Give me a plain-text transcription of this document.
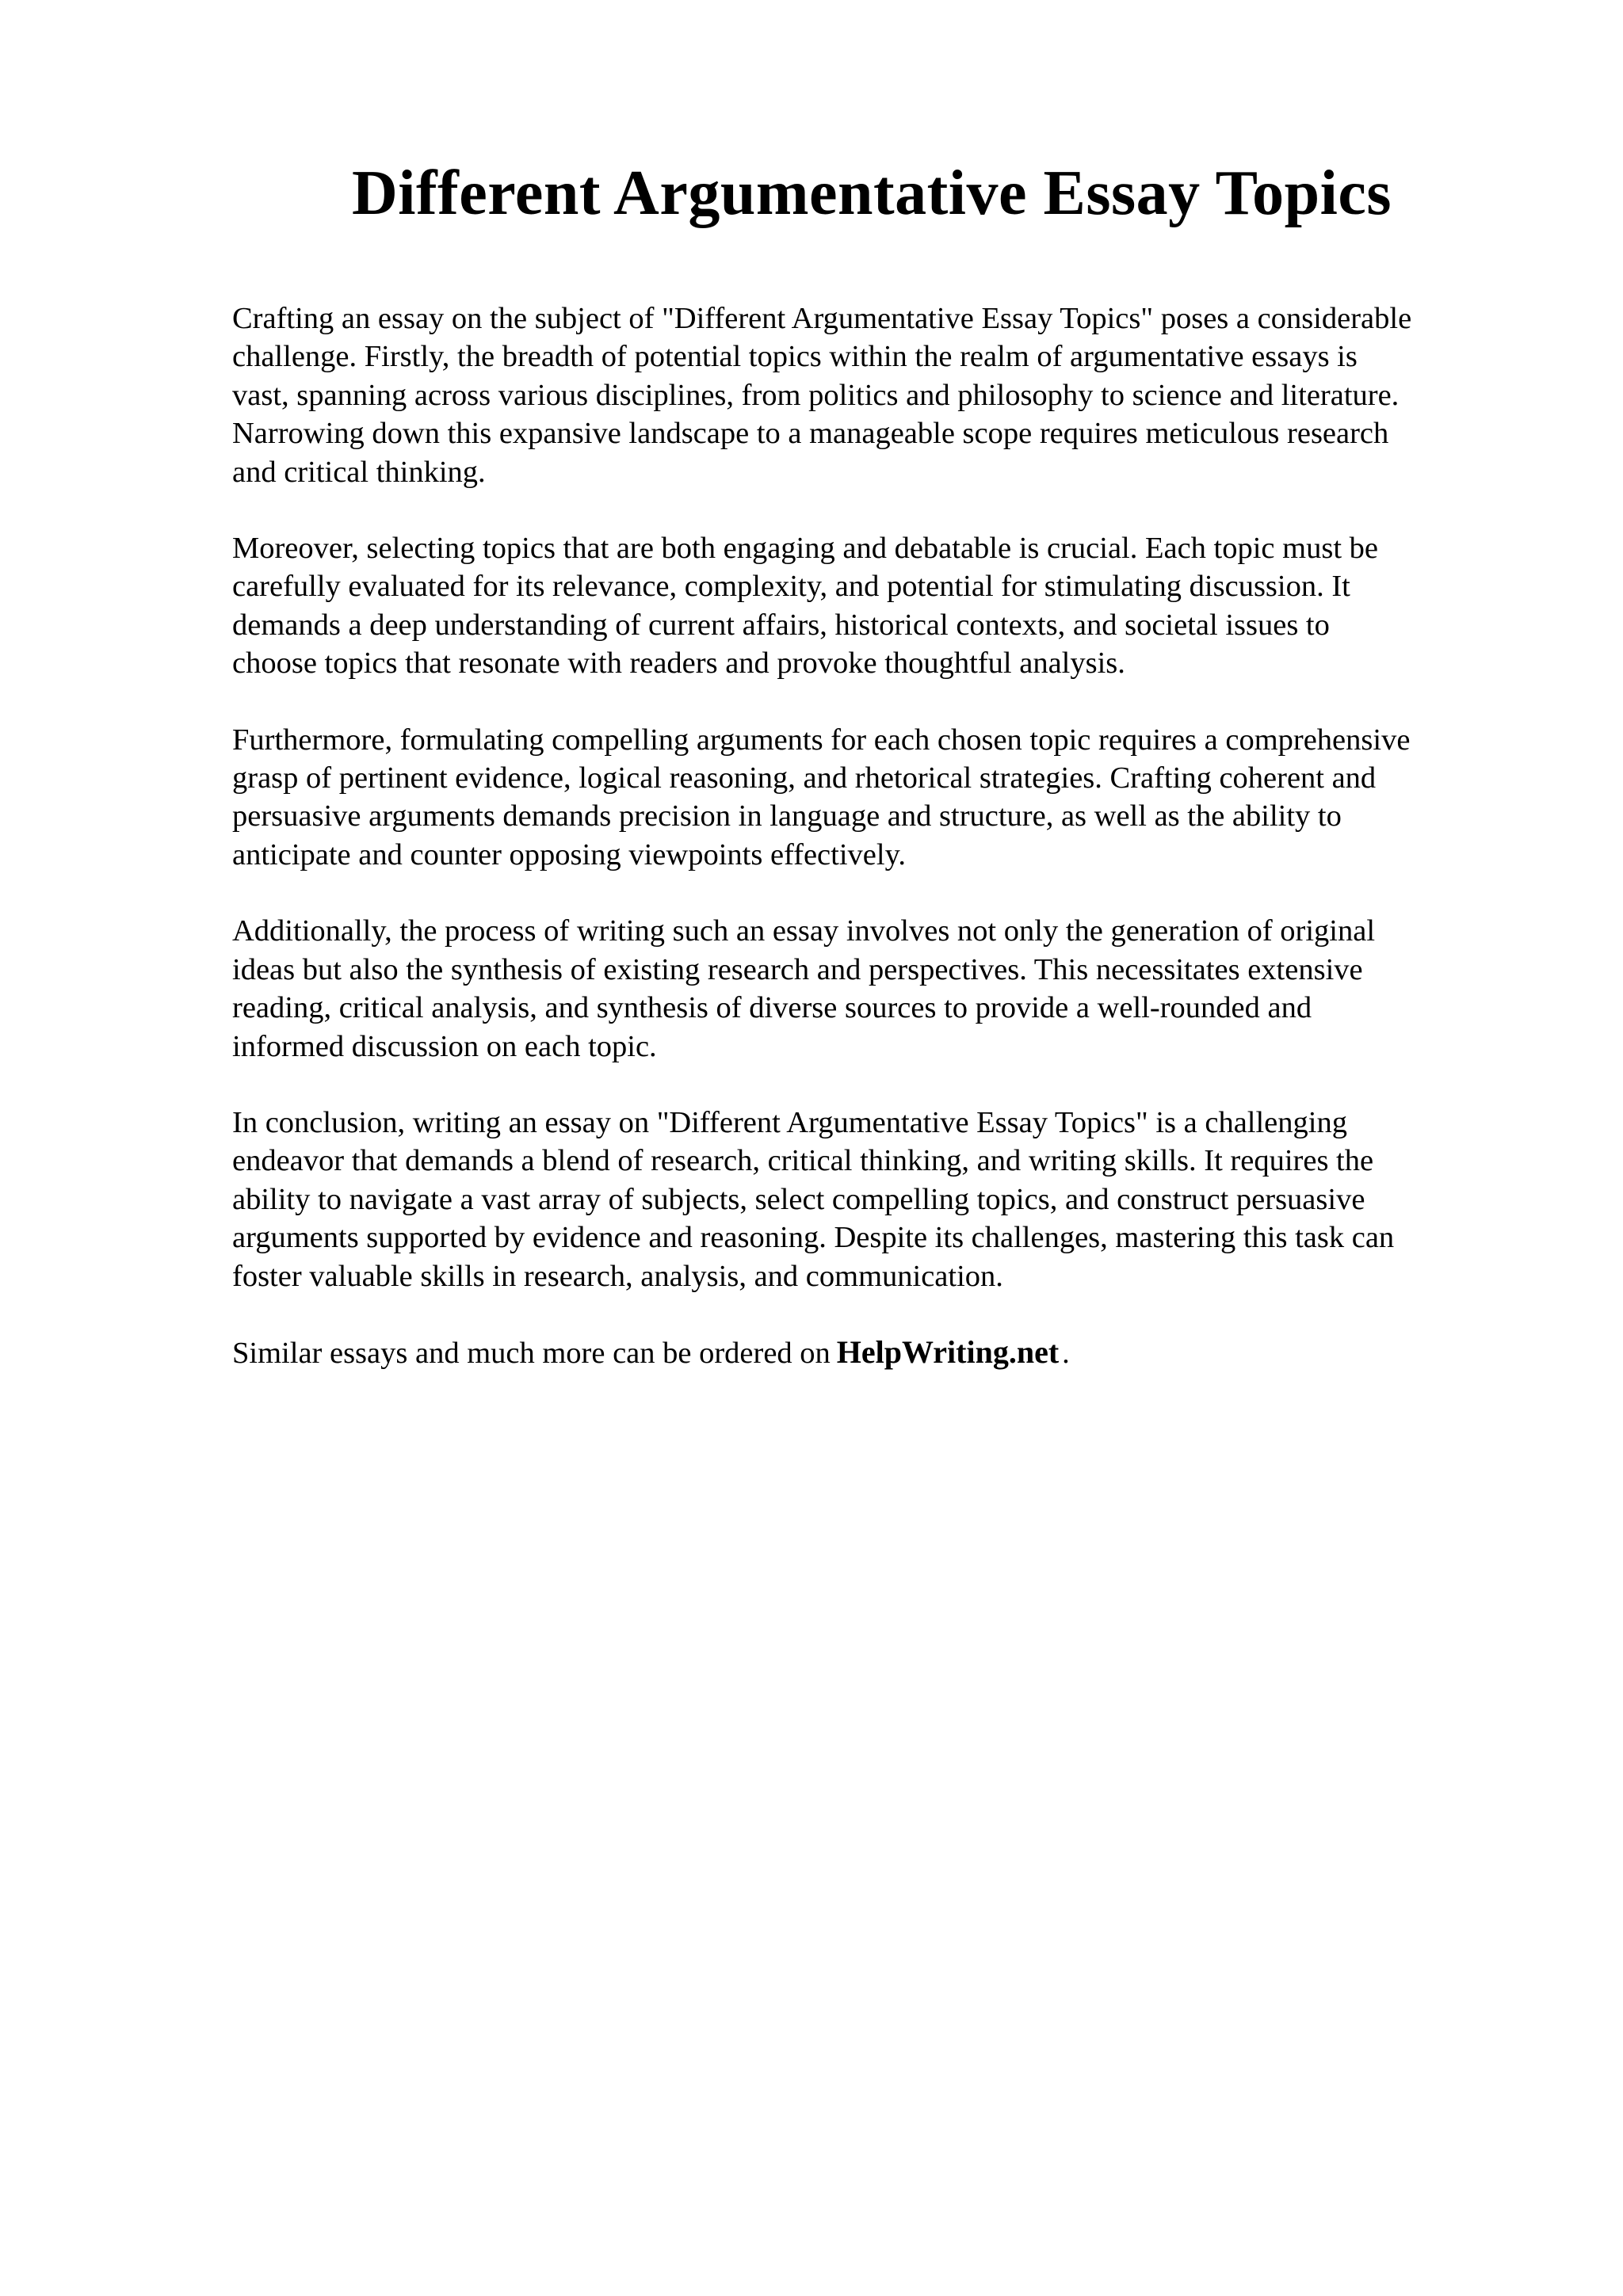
Different Argumentative Essay Topics

Crafting an essay on the subject of "Different Argumentative Essay Topics" poses a considerable
challenge. Firstly, the breadth of potential topics within the realm of argumentative essays is
vast, spanning across various disciplines, from politics and philosophy to science and literature.
Narrowing down this expansive landscape to a manageable scope requires meticulous research
and critical thinking.

Moreover, selecting topics that are both engaging and debatable is crucial. Each topic must be
carefully evaluated for its relevance, complexity, and potential for stimulating discussion. It
demands a deep understanding of current affairs, historical contexts, and societal issues to
choose topics that resonate with readers and provoke thoughtful analysis.

Furthermore, formulating compelling arguments for each chosen topic requires a comprehensive
grasp of pertinent evidence, logical reasoning, and rhetorical strategies. Crafting coherent and
persuasive arguments demands precision in language and structure, as well as the ability to
anticipate and counter opposing viewpoints effectively.

Additionally, the process of writing such an essay involves not only the generation of original
ideas but also the synthesis of existing research and perspectives. This necessitates extensive
reading, critical analysis, and synthesis of diverse sources to provide a well-rounded and
informed discussion on each topic.

In conclusion, writing an essay on "Different Argumentative Essay Topics" is a challenging
endeavor that demands a blend of research, critical thinking, and writing skills. It requires the
ability to navigate a vast array of subjects, select compelling topics, and construct persuasive
arguments supported by evidence and reasoning. Despite its challenges, mastering this task can
foster valuable skills in research, analysis, and communication.

Similar essays and much more can be ordered on HelpWriting.net .
